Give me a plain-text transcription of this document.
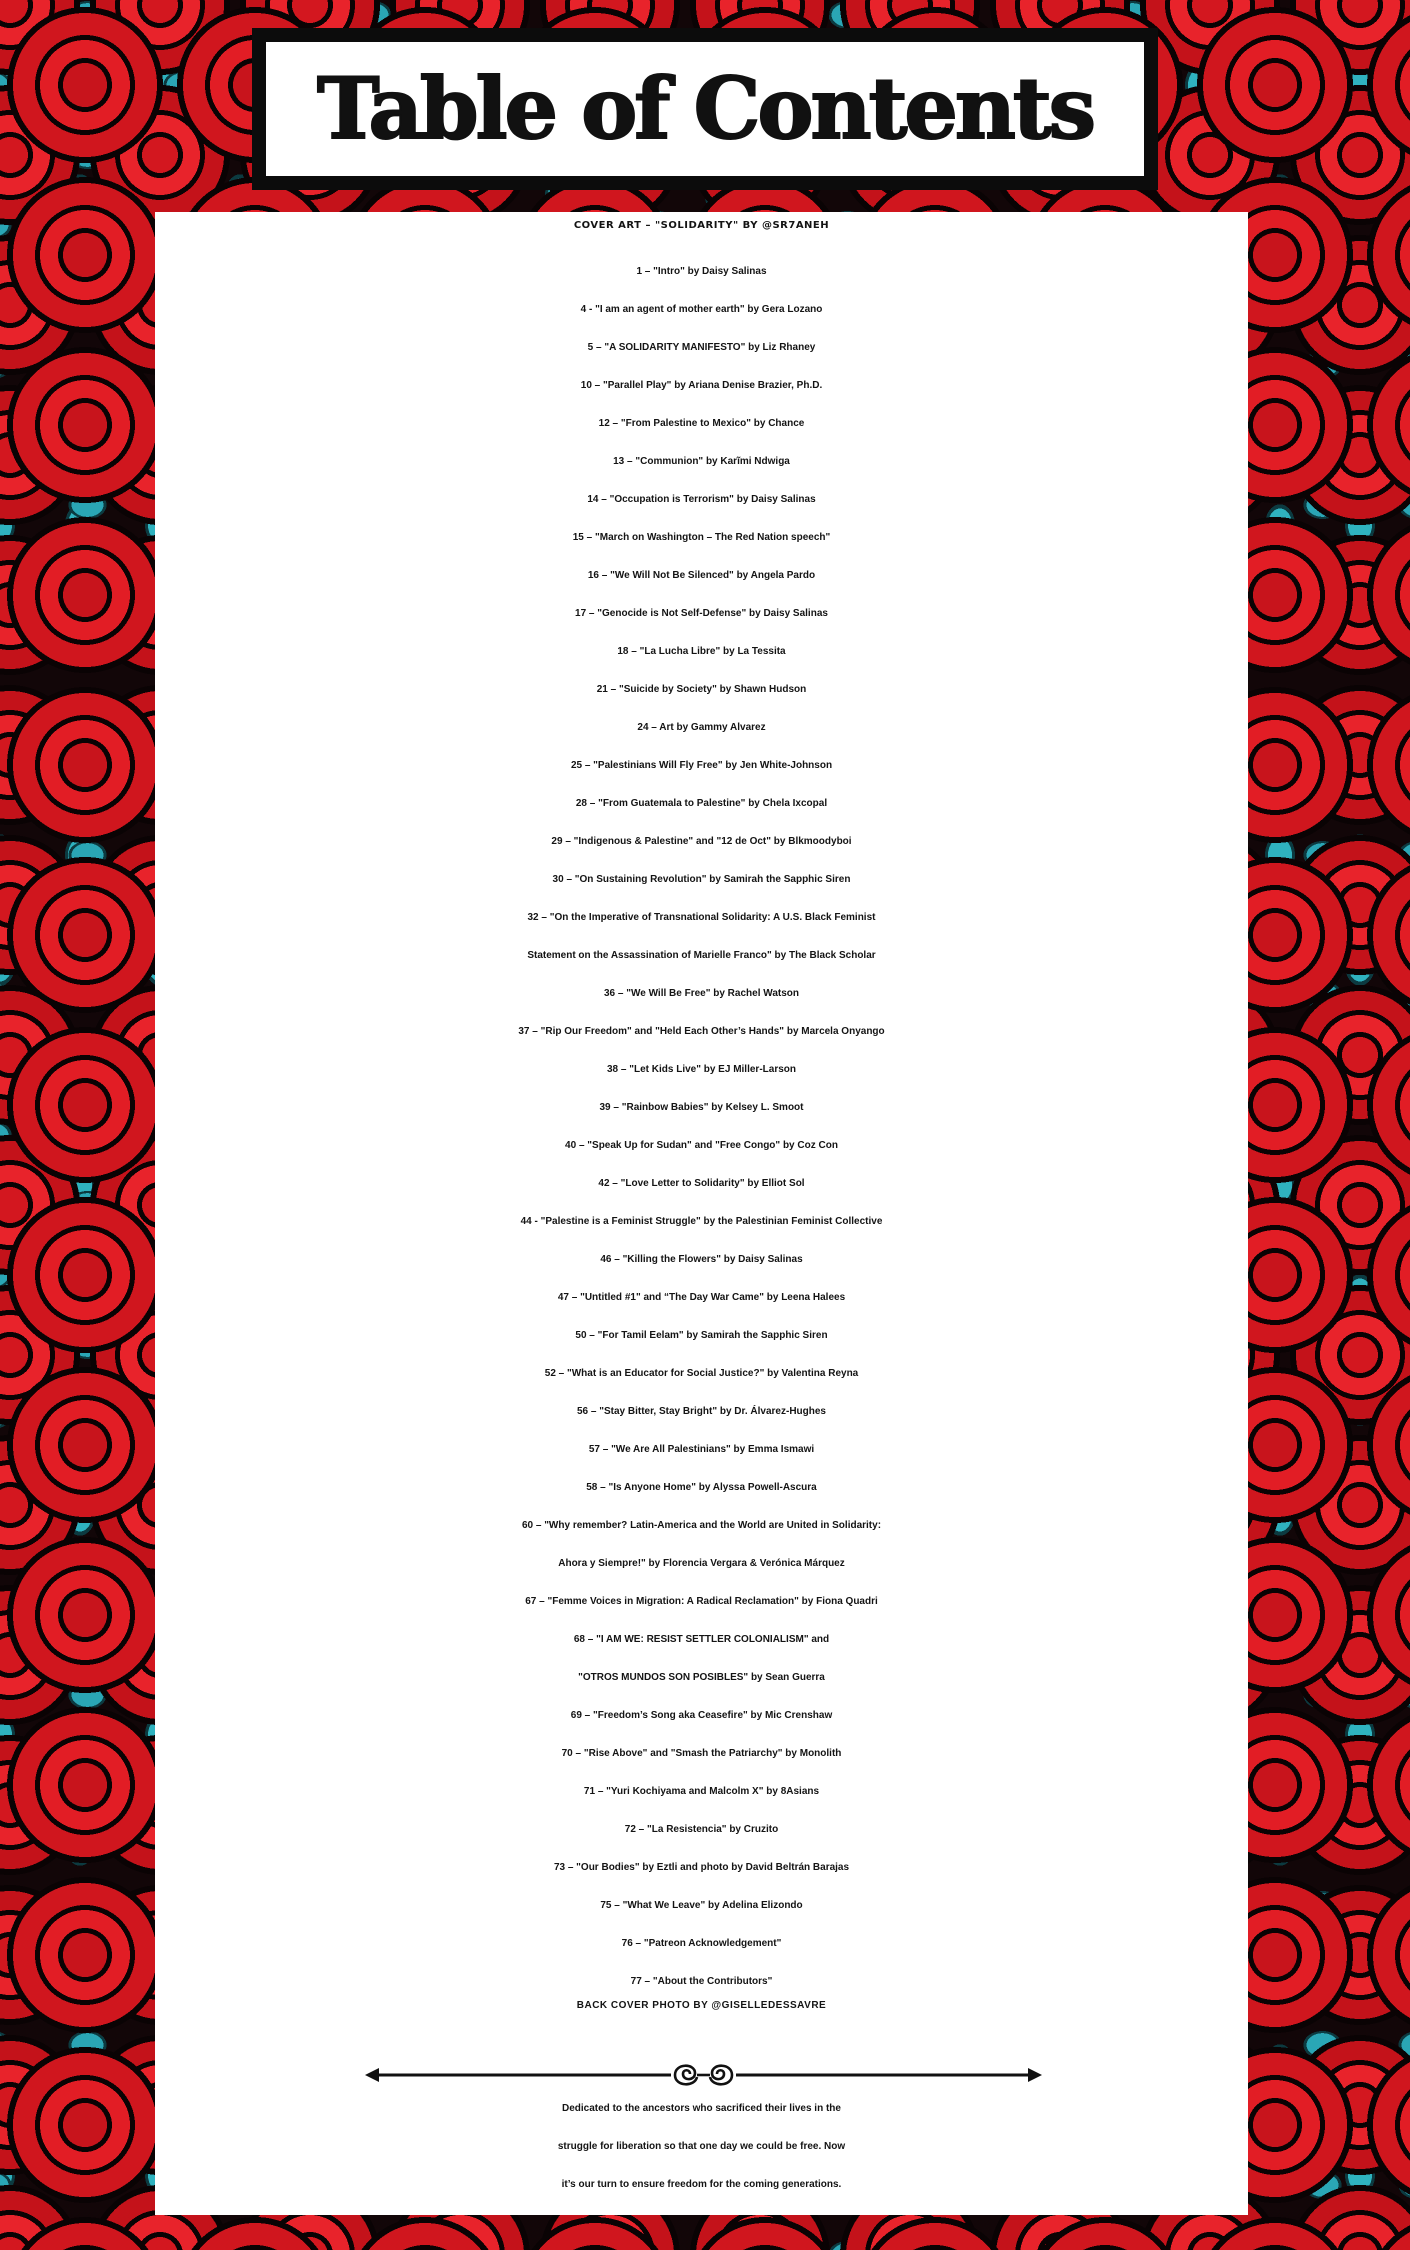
Table of Contents
COVER ART – "SOLIDARITY" BY @SR7ANEH
1 – "Intro" by Daisy Salinas
4 - "I am an agent of mother earth" by Gera Lozano
5 – "A SOLIDARITY MANIFESTO" by Liz Rhaney
10 – "Parallel Play" by Ariana Denise Brazier, Ph.D.
12 – "From Palestine to Mexico" by Chance
13 – "Communion" by Karĩmi Ndwiga
14 – "Occupation is Terrorism" by Daisy Salinas
15 – "March on Washington – The Red Nation speech"
16 – "We Will Not Be Silenced" by Angela Pardo
17 – "Genocide is Not Self-Defense" by Daisy Salinas
18 – "La Lucha Libre" by La Tessita
21 – "Suicide by Society" by Shawn Hudson
24 – Art by Gammy Alvarez
25 – "Palestinians Will Fly Free" by Jen White-Johnson
28 – "From Guatemala to Palestine" by Chela Ixcopal
29 – "Indigenous & Palestine" and "12 de Oct" by Blkmoodyboi
30 – "On Sustaining Revolution" by Samirah the Sapphic Siren
32 – "On the Imperative of Transnational Solidarity: A U.S. Black Feminist
Statement on the Assassination of Marielle Franco" by The Black Scholar
36 – "We Will Be Free" by Rachel Watson
37 – "Rip Our Freedom" and "Held Each Other’s Hands" by Marcela Onyango
38 – "Let Kids Live" by EJ Miller-Larson
39 – "Rainbow Babies" by Kelsey L. Smoot
40 – "Speak Up for Sudan" and "Free Congo" by Coz Con
42 – "Love Letter to Solidarity" by Elliot Sol
44 - "Palestine is a Feminist Struggle" by the Palestinian Feminist Collective
46 – "Killing the Flowers" by Daisy Salinas
47 – "Untitled #1" and “The Day War Came" by Leena Halees
50 – "For Tamil Eelam" by Samirah the Sapphic Siren
52 – "What is an Educator for Social Justice?" by Valentina Reyna
56 – "Stay Bitter, Stay Bright" by Dr. Álvarez-Hughes
57 – "We Are All Palestinians" by Emma Ismawi
58 – "Is Anyone Home" by Alyssa Powell-Ascura
60 – "Why remember? Latin-America and the World are United in Solidarity:
Ahora y Siempre!" by Florencia Vergara & Verónica Márquez
67 – "Femme Voices in Migration: A Radical Reclamation" by Fiona Quadri
68 – "I AM WE: RESIST SETTLER COLONIALISM" and
"OTROS MUNDOS SON POSIBLES" by Sean Guerra
69 – "Freedom’s Song aka Ceasefire" by Mic Crenshaw
70 – "Rise Above" and "Smash the Patriarchy" by Monolith
71 – "Yuri Kochiyama and Malcolm X" by 8Asians
72 – "La Resistencia" by Cruzito
73 – "Our Bodies" by Eztli and photo by David Beltrán Barajas
75 – "What We Leave" by Adelina Elizondo
76 – "Patreon Acknowledgement"
77 – "About the Contributors"
BACK COVER PHOTO BY @GISELLEDESSAVRE
Dedicated to the ancestors who sacrificed their lives in the
struggle for liberation so that one day we could be free. Now
it’s our turn to ensure freedom for the coming generations.
